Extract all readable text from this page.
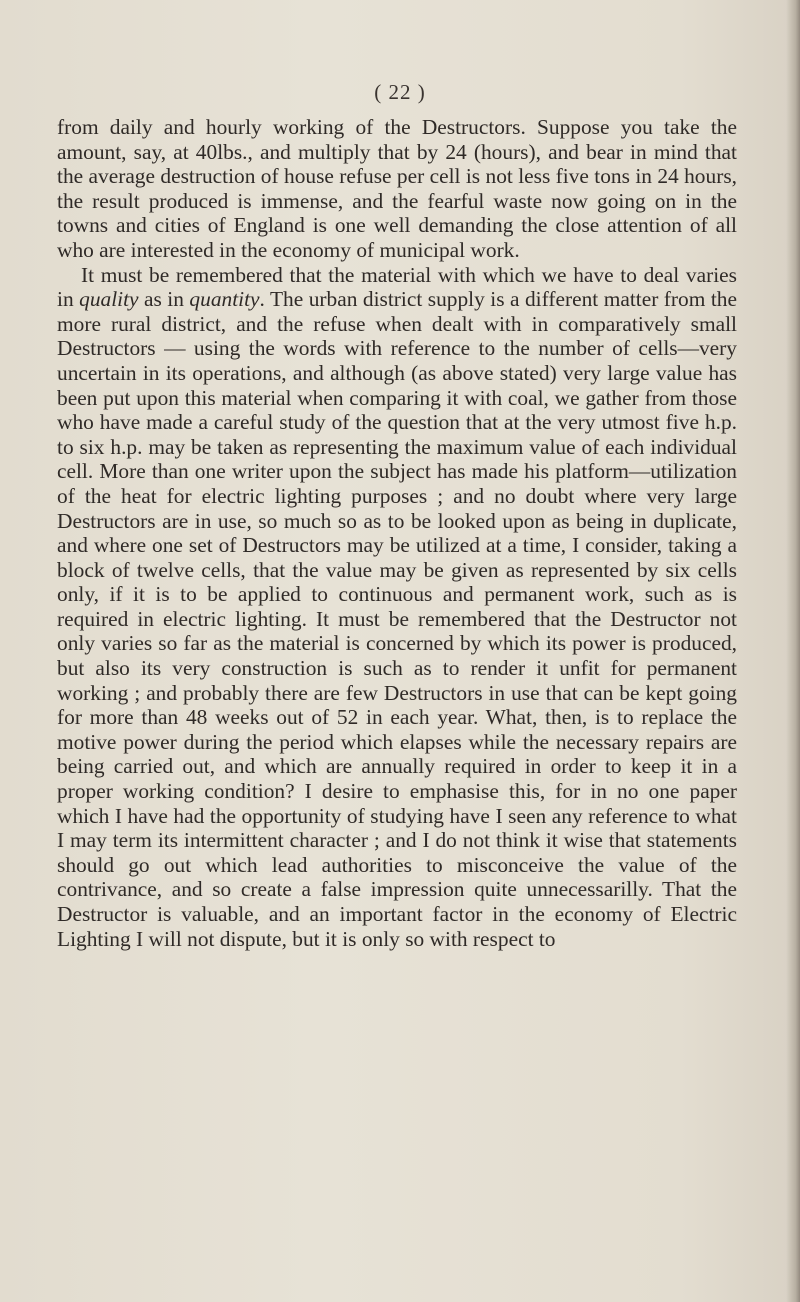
( 22 )

from daily and hourly working of the Destructors. Suppose you take the amount, say, at 40lbs., and multiply that by 24 (hours), and bear in mind that the average destruction of house refuse per cell is not less five tons in 24 hours, the result produced is immense, and the fearful waste now going on in the towns and cities of England is one well demanding the close attention of all who are interested in the economy of municipal work.

It must be remembered that the material with which we have to deal varies in quality as in quantity. The urban district supply is a different matter from the more rural district, and the refuse when dealt with in comparatively small Destructors — using the words with reference to the number of cells—very uncertain in its operations, and although (as above stated) very large value has been put upon this material when comparing it with coal, we gather from those who have made a careful study of the question that at the very utmost five h.p. to six h.p. may be taken as representing the maximum value of each individual cell. More than one writer upon the subject has made his platform—utilization of the heat for electric lighting purposes ; and no doubt where very large Destructors are in use, so much so as to be looked upon as being in duplicate, and where one set of Destructors may be utilized at a time, I consider, taking a block of twelve cells, that the value may be given as represented by six cells only, if it is to be applied to continuous and permanent work, such as is required in electric lighting. It must be remembered that the Destructor not only varies so far as the material is concerned by which its power is produced, but also its very construction is such as to render it unfit for permanent working ; and probably there are few Destructors in use that can be kept going for more than 48 weeks out of 52 in each year. What, then, is to replace the motive power during the period which elapses while the necessary repairs are being carried out, and which are annually required in order to keep it in a proper working condition? I desire to emphasise this, for in no one paper which I have had the opportunity of studying have I seen any reference to what I may term its intermittent character ; and I do not think it wise that statements should go out which lead authorities to misconceive the value of the contrivance, and so create a false impression quite unnecessarilly. That the Destructor is valuable, and an important factor in the economy of Electric Lighting I will not dispute, but it is only so with respect to
